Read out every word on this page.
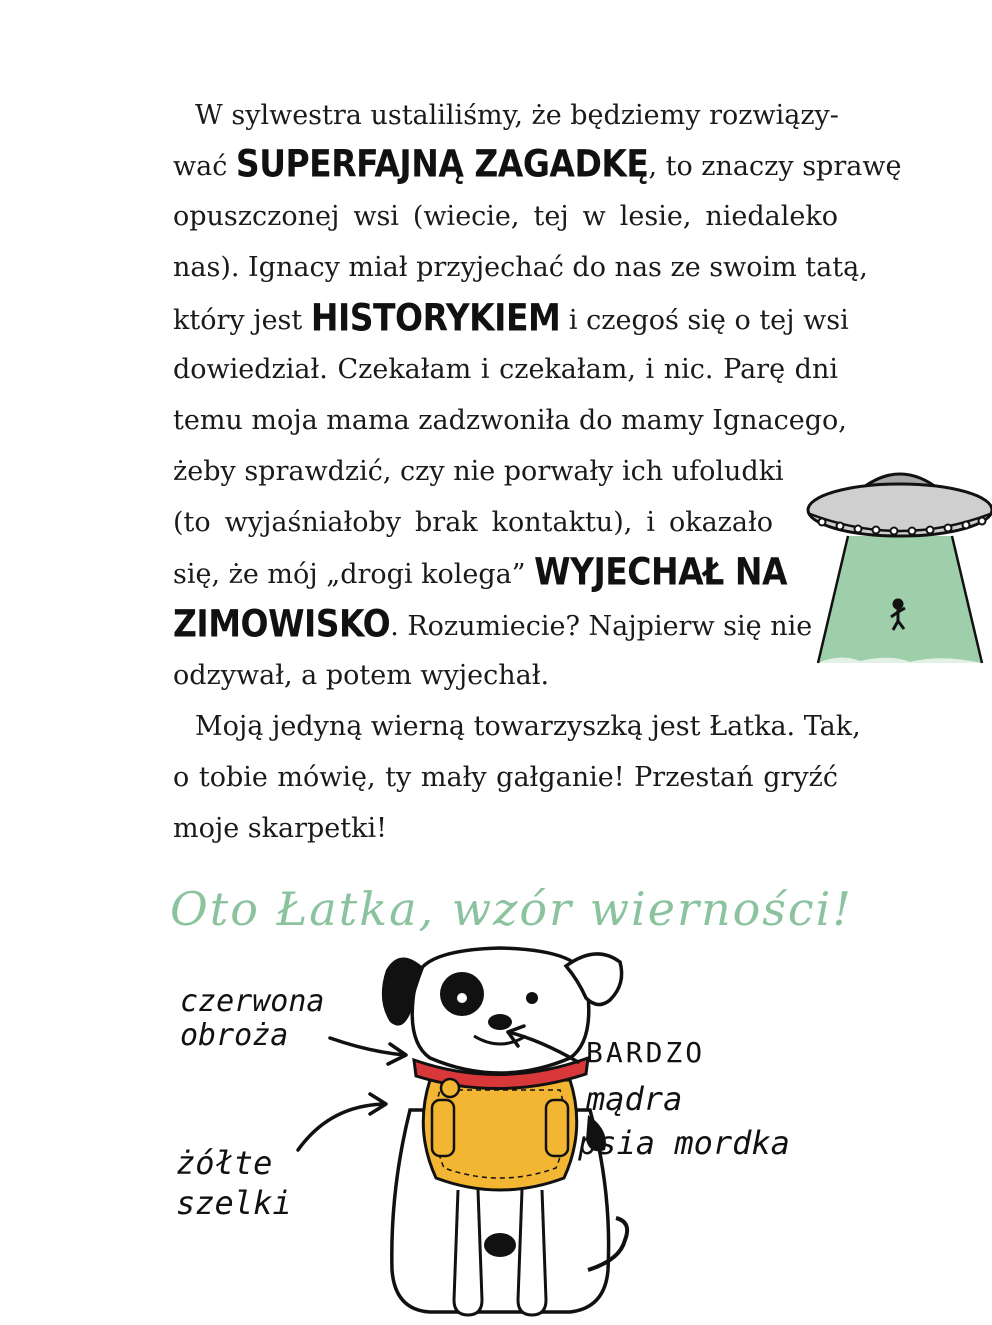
W sylwestra ustaliliśmy, że będziemy rozwiązy-
wać SUPERFAJNĄ ZAGADKĘ, to znaczy sprawę
opuszczonej wsi (wiecie, tej w lesie, niedaleko
nas). Ignacy miał przyjechać do nas ze swoim tatą,
który jest HISTORYKIEM i czegoś się o tej wsi
dowiedział. Czekałam i czekałam, i nic. Parę dni
temu moja mama zadzwoniła do mamy Ignacego,
żeby sprawdzić, czy nie porwały ich ufoludki
(to wyjaśniałoby brak kontaktu), i okazało
się, że mój „drogi kolega” WYJECHAŁ NA
ZIMOWISKO. Rozumiecie? Najpierw się nie
odzywał, a potem wyjechał.
Moją jedyną wierną towarzyszką jest Łatka. Tak,
o tobie mówię, ty mały gałganie! Przestań gryźć
moje skarpetki!
Oto Łatka, wzór wierności!
czerwona
obroża
żółte
szelki
BARDZO
mądra
psia mordka
